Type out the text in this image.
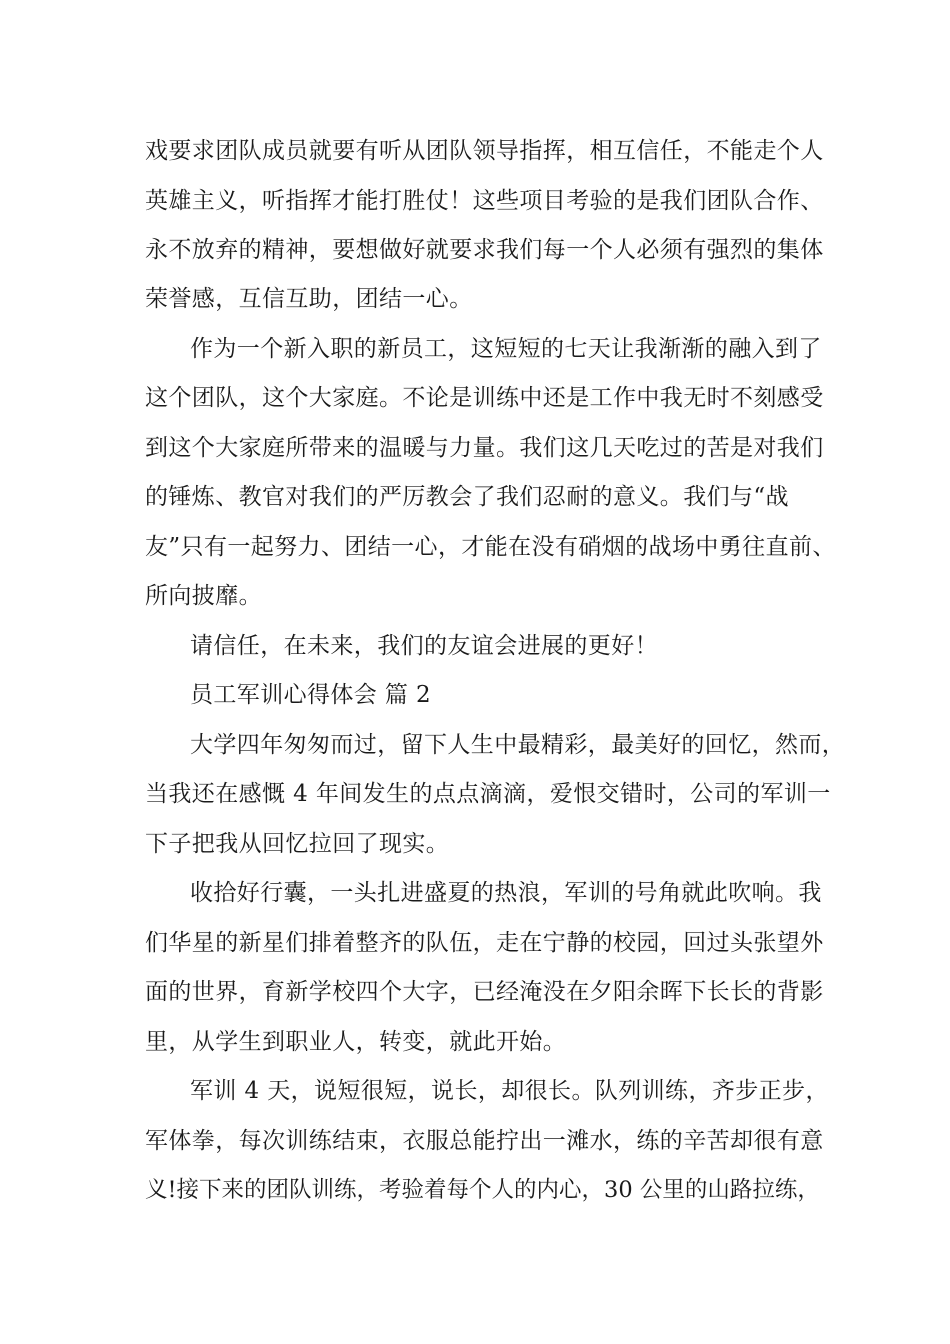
戏要求团队成员就要有听从团队领导指挥，相互信任，不能走个人
英雄主义，听指挥才能打胜仗！这些项目考验的是我们团队合作、
永不放弃的精神，要想做好就要求我们每一个人必须有强烈的集体
荣誉感，互信互助，团结一心。
作为一个新入职的新员工，这短短的七天让我渐渐的融入到了
这个团队，这个大家庭。不论是训练中还是工作中我无时不刻感受
到这个大家庭所带来的温暖与力量。我们这几天吃过的苦是对我们
的锤炼、教官对我们的严厉教会了我们忍耐的意义。我们与“战
友”只有一起努力、团结一心，才能在没有硝烟的战场中勇往直前、
所向披靡。
请信任，在未来，我们的友谊会进展的更好！
员工军训心得体会 篇 2
大学四年匆匆而过，留下人生中最精彩，最美好的回忆，然而，
当我还在感慨 4 年间发生的点点滴滴，爱恨交错时，公司的军训一
下子把我从回忆拉回了现实。
收拾好行囊，一头扎进盛夏的热浪，军训的号角就此吹响。我
们华星的新星们排着整齐的队伍，走在宁静的校园，回过头张望外
面的世界，育新学校四个大字，已经淹没在夕阳余晖下长长的背影
里，从学生到职业人，转变，就此开始。
军训 4 天，说短很短，说长，却很长。队列训练，齐步正步，
军体拳，每次训练结束，衣服总能拧出一滩水，练的辛苦却很有意
义!接下来的团队训练，考验着每个人的内心，30 公里的山路拉练，
